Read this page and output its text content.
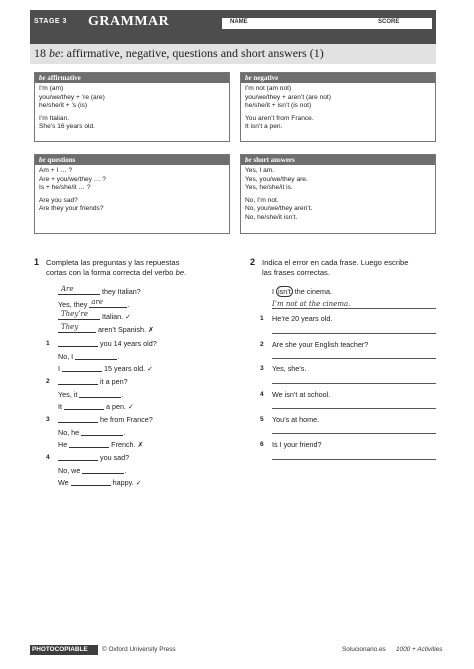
STAGE 3 GRAMMAR	NAME	SCORE
18 be: affirmative, negative, questions and short answers (1)
be affirmative
I’m (am)
you/we/they + ’re (are)
he/she/it + ’s (is)
I’m Italian.
She’s 16 years old.
be negative
I’m not (am not)
you/we/they + aren’t (are not)
he/she/it + isn’t (is not)
You aren’t from France.
It isn’t a pen.
be questions
Am + I … ?
Are + you/we/they … ?
Is + he/she/it … ?
Are you sad?
Are they your friends?
be short answers
Yes, I am.
Yes, you/we/they are.
Yes, he/she/it is.
No, I’m not.
No, you/we/they aren’t.
No, he/she/it isn’t.
1 Completa las preguntas y las repuestas
cortas con la forma correcta del verbo be.
Are	they Italian?
Yes, they are	.
They’re Italian. ✓
They aren’t Spanish. ✗
1	you 14 years old?
No, I	.
I	15 years old. ✓
2	it a pen?
Yes, it	.
It	a pen. ✓
3	he from France?
No, he	.
He	French. ✗
4	you sad?
No, we	.
We	happy. ✓
2 Indica el error en cada frase. Luego escribe
las frases correctas.
I isn’t the cinema.
I’m not at the cinema.
1 He’re 20 years old.
2 Are she your English teacher?
3 Yes, she’s.
4 We isn’t at school.
5 You’s at home.
6 Is I your friend?
PHOTOCOPIABLE	© Oxford University Press	Solucionario.es 1000 + Activities
